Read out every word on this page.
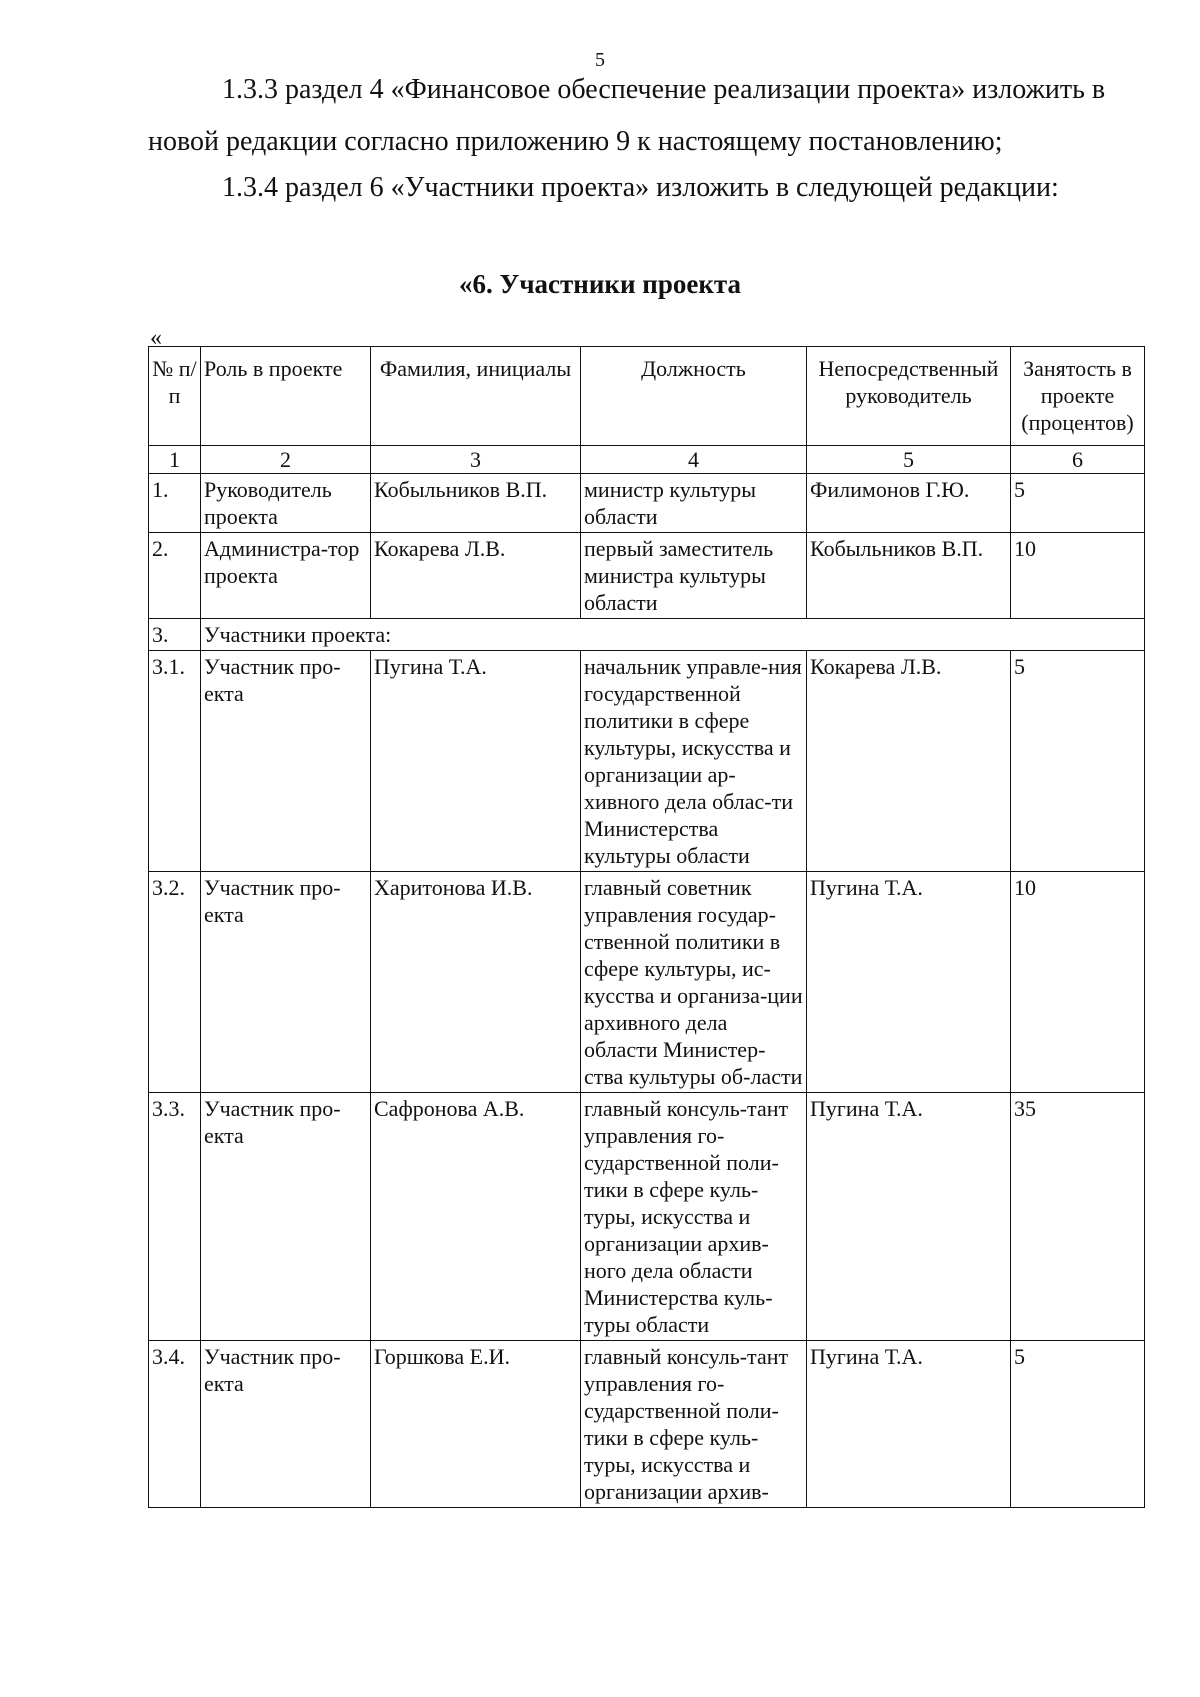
5
1.3.3 раздел 4 «Финансовое обеспечение реализации проекта» изложить в
новой редакции согласно приложению 9 к настоящему постановлению;
1.3.4 раздел 6 «Участники проекта» изложить в следующей редакции:
«6. Участники проекта
«
№ п/п	Роль в проекте	Фамилия, инициалы	Должность	Непосредственный руководитель	Занятость в проекте (процентов)
1	2	3	4	5	6
1.	Руководитель проекта	Кобыльников В.П.	министр культуры области	Филимонов Г.Ю.	5
2.	Администра-тор проекта	Кокарева Л.В.	первый заместитель министра культуры области	Кобыльников В.П.	10
3.	Участники проекта:				
3.1.	Участник про-екта	Пугина Т.А.	начальник управле-ния государственной политики в сфере культуры, искусства и организации ар-хивного дела облас-ти Министерства культуры области	Кокарева Л.В.	5
3.2.	Участник про-екта	Харитонова И.В.	главный советник управления государ-ственной политики в сфере культуры, ис-кусства и организа-ции архивного дела области Министер-ства культуры об-ласти	Пугина Т.А.	10
3.3.	Участник про-екта	Сафронова А.В.	главный консуль-тант управления го-сударственной поли-тики в сфере куль-туры, искусства и организации архив-ного дела области Министерства куль-туры области	Пугина Т.А.	35
3.4.	Участник про-екта	Горшкова Е.И.	главный консуль-тант управления го-сударственной поли-тики в сфере куль-туры, искусства и организации архив-	Пугина Т.А.	5
